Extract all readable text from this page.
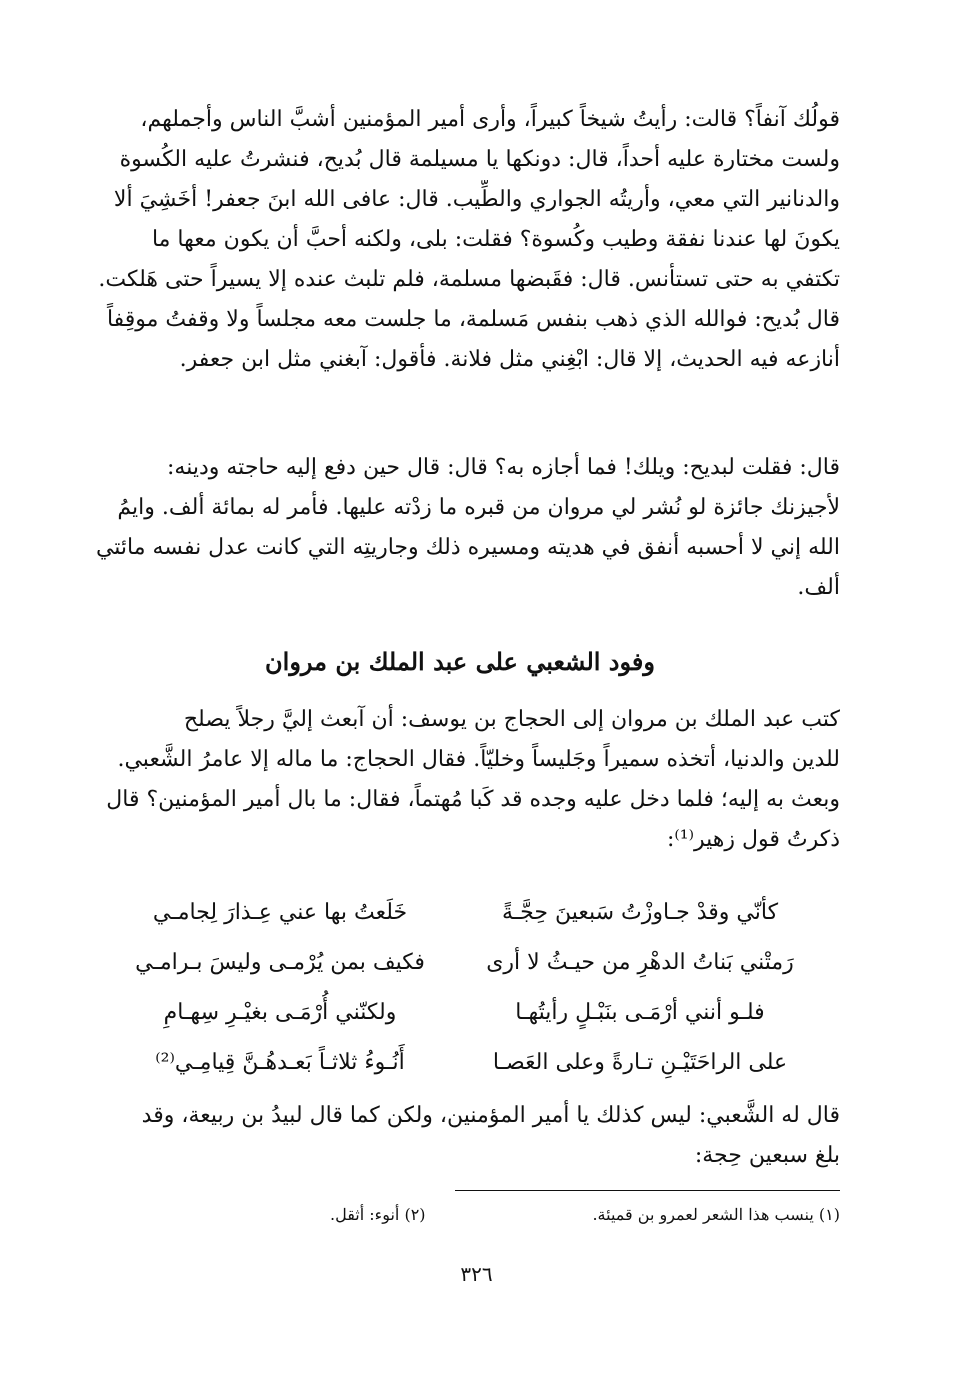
قولُك آنفاً؟ قالت: رأيتُ شيخاً كبيراً، وأرى أمير المؤمنين أشبَّ الناس وأجملهم،
ولست مختارة عليه أحداً، قال: دونكها يا مسيلمة قال بُديح، فنشرتُ عليه الكُسوة
والدنانير التي معي، وأريتُه الجواري والطِّيب. قال: عافى الله ابنَ جعفر! أخَشِيَ ألا
يكونَ لها عندنا نفقة وطيب وكُسوة؟ فقلت: بلى، ولكنه أحبَّ أن يكون معها ما
تكتفي به حتى تستأنس. قال: فقَبضها مسلمة، فلم تلبث عنده إلا يسيراً حتى هَلكت.
قال بُديح: فوالله الذي ذهب بنفس مَسلمة، ما جلست معه مجلساً ولا وقفتُ موقِفاً
أنازعه فيه الحديث، إلا قال: ابْغِني مثل فلانة. فأقول: آبغني مثل ابن جعفر.
قال: فقلت لبديح: ويلك! فما أجازه به؟ قال: قال حين دفع إليه حاجته ودينه:
لأجيزنك جائزة لو نُشر لي مروان من قبره ما زدْته عليها. فأمر له بمائة ألف. وايمُ
الله إني لا أحسبه أنفق في هديته ومسيره ذلك وجاريتِه التي كانت عدل نفسه مائتي
ألف.
وفود الشعبي على عبد الملك بن مروان
كتب عبد الملك بن مروان إلى الحجاج بن يوسف: أن آبعث إليَّ رجلاً يصلح
للدين والدنيا، أتخذه سميراً وجَليساً وخليّاً. فقال الحجاج: ما ماله إلا عامرُ الشَّعبي.
وبعث به إليه؛ فلما دخل عليه وجده قد كَبا مُهتماً، فقال: ما بال أمير المؤمنين؟ قال
ذكرتُ قول زهير⁽¹⁾:
كأنّي وقدْ جـاوزْتُ سَبعينَ حِجَّـةً
خَلَعتُ بها عني عِـذارَ لِجامـي
رَمتْني بَناتُ الدهْرِ من حيـثُ لا أرى
فكيف بمن يُرْمـى وليسَ بـرامـي
فلـو أنني أرْمَـى بنَبْـلٍ رأيتُهـا
ولكنّني أُرْمَـى بغيْـرِ سِهـامِ
على الراحَتَيْـنِ تـارةً وعلى العَصـا
أَنُـوءُ ثلاثـاً بَعـدهُـنَّ قِيامِـي⁽²⁾
قال له الشَّعبي: ليس كذلك يا أمير المؤمنين، ولكن كما قال لبيدُ بن ربيعة، وقد
بلغ سبعين حِجة:
(١) ينسب هذا الشعر لعمرو بن قميئة.
(٢) أنوء: أثقل.
٣٢٦
